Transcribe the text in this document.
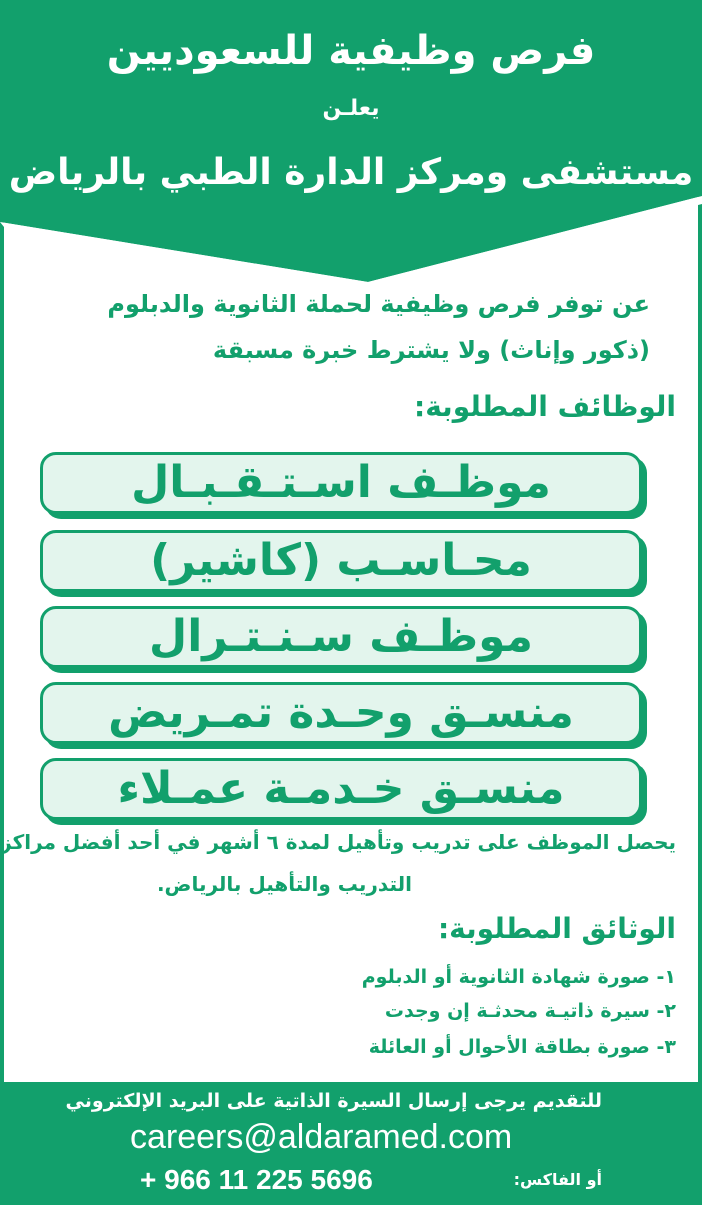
فرص وظيفية للسعوديين
يعلـن
مستشفى ومركز الدارة الطبي بالرياض
عن توفر فرص وظيفية لحملة الثانوية والدبلوم
(ذكور وإناث) ولا يشترط خبرة مسبقة
الوظائف المطلوبة:
موظـف اسـتـقـبـال
محـاسـب (كاشير)
موظـف سـنـتـرال
منسـق وحـدة تمـريض
منسـق خـدمـة عمـلاء
يحصل الموظف على تدريب وتأهيل لمدة ٦ أشهر في أحد أفضل مراكز
التدريب والتأهيل بالرياض.
الوثائق المطلوبة:
١- صورة شهادة الثانوية أو الدبلوم
٢- سيرة ذاتيـة محدثـة إن وجدت
٣- صورة بطاقة الأحوال أو العائلة
للتقديم يرجى إرسال السيرة الذاتية على البريد الإلكتروني
careers@aldaramed.com
أو الفاكس:
+ 966 11 225 5696
